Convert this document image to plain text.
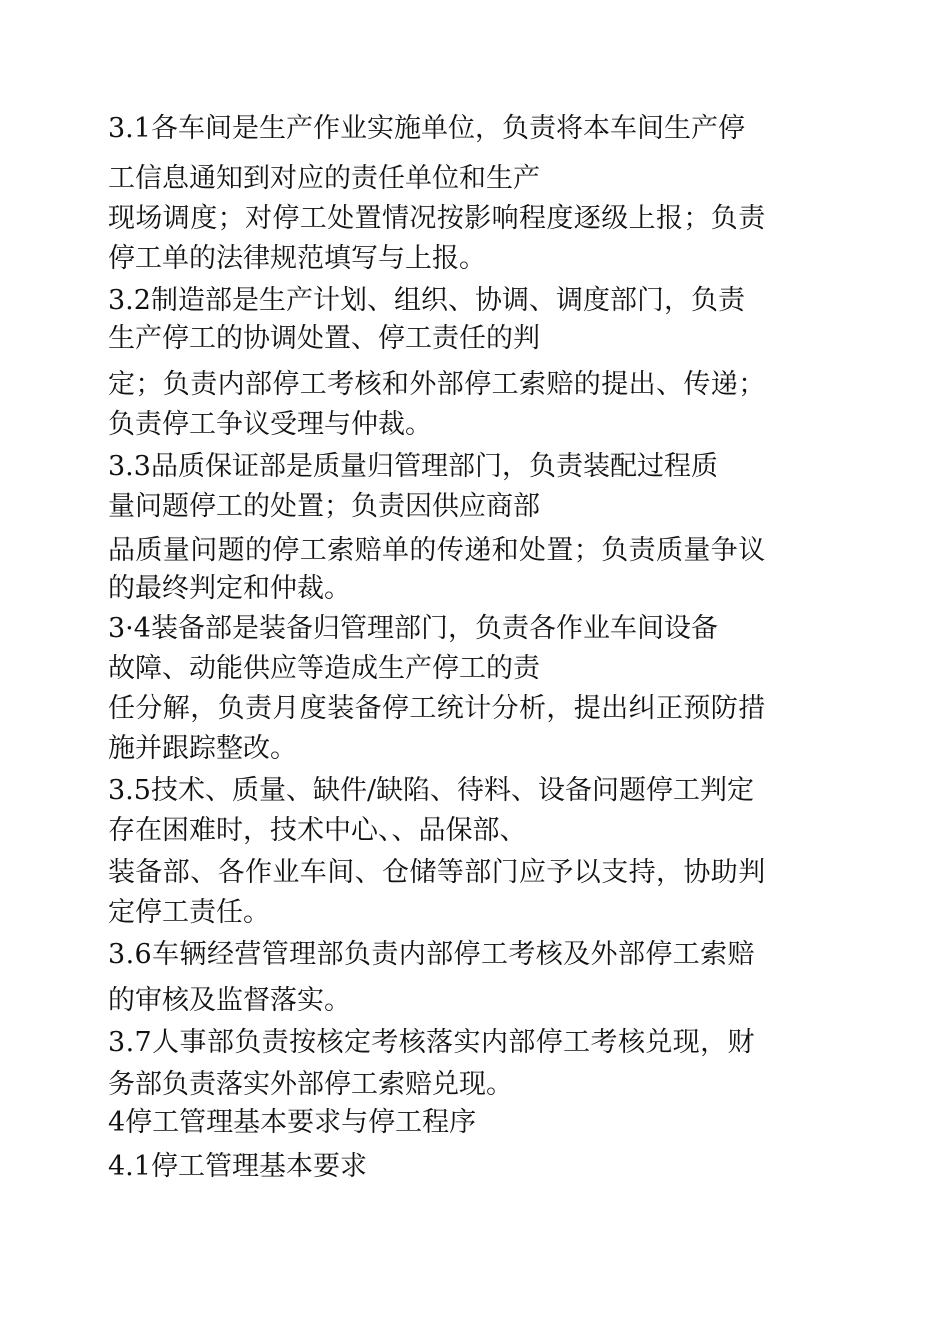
3.1各车间是生产作业实施单位，负责将本车间生产停
工信息通知到对应的责任单位和生产
现场调度；对停工处置情况按影响程度逐级上报；负责
停工单的法律规范填写与上报。
3.2制造部是生产计划、组织、协调、调度部门，负责
生产停工的协调处置、停工责任的判
定；负责内部停工考核和外部停工索赔的提出、传递；
负责停工争议受理与仲裁。
3.3品质保证部是质量归管理部门，负责装配过程质
量问题停工的处置；负责因供应商部
品质量问题的停工索赔单的传递和处置；负责质量争议
的最终判定和仲裁。
3·4装备部是装备归管理部门，负责各作业车间设备
故障、动能供应等造成生产停工的责
任分解，负责月度装备停工统计分析，提出纠正预防措
施并跟踪整改。
3.5技术、质量、缺件/缺陷、待料、设备问题停工判定
存在困难时，技术中心、、品保部、
装备部、各作业车间、仓储等部门应予以支持，协助判
定停工责任。
3.6车辆经营管理部负责内部停工考核及外部停工索赔
的审核及监督落实。
3.7人事部负责按核定考核落实内部停工考核兑现，财
务部负责落实外部停工索赔兑现。
4停工管理基本要求与停工程序
4.1停工管理基本要求
